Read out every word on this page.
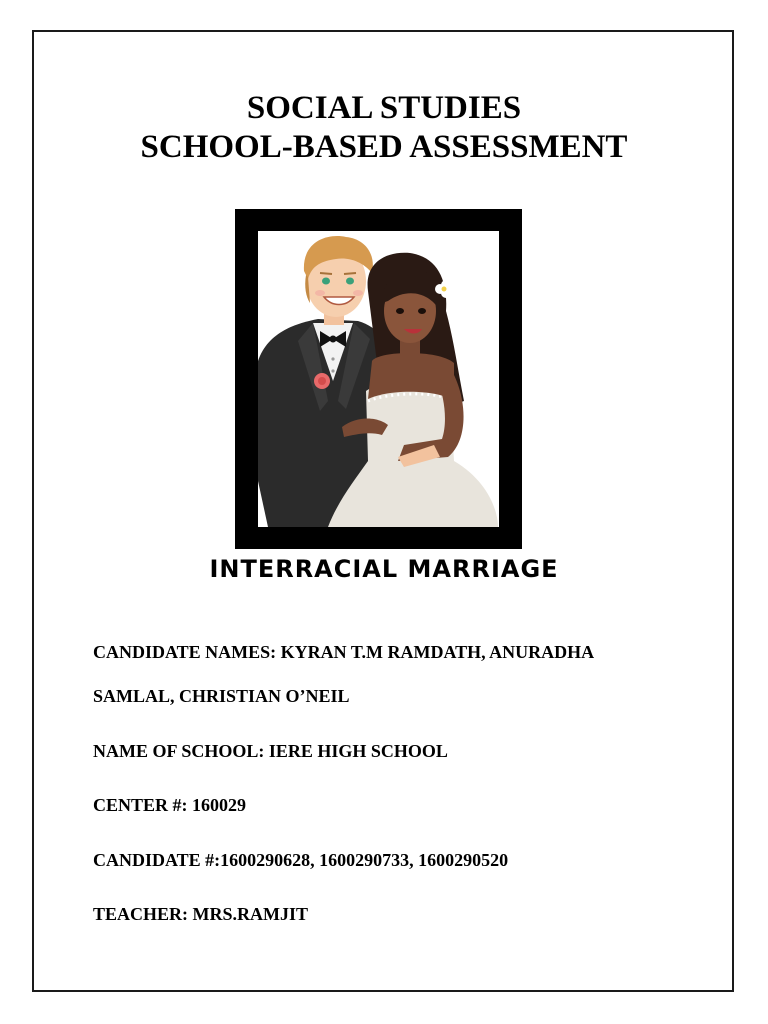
SOCIAL STUDIES
SCHOOL-BASED ASSESSMENT
INTERRACIAL MARRIAGE
CANDIDATE NAMES: KYRAN T.M RAMDATH, ANURADHA
SAMLAL, CHRISTIAN O’NEIL
NAME OF SCHOOL: IERE HIGH SCHOOL
CENTER #: 160029
CANDIDATE #:1600290628, 1600290733, 1600290520
TEACHER: MRS.RAMJIT
